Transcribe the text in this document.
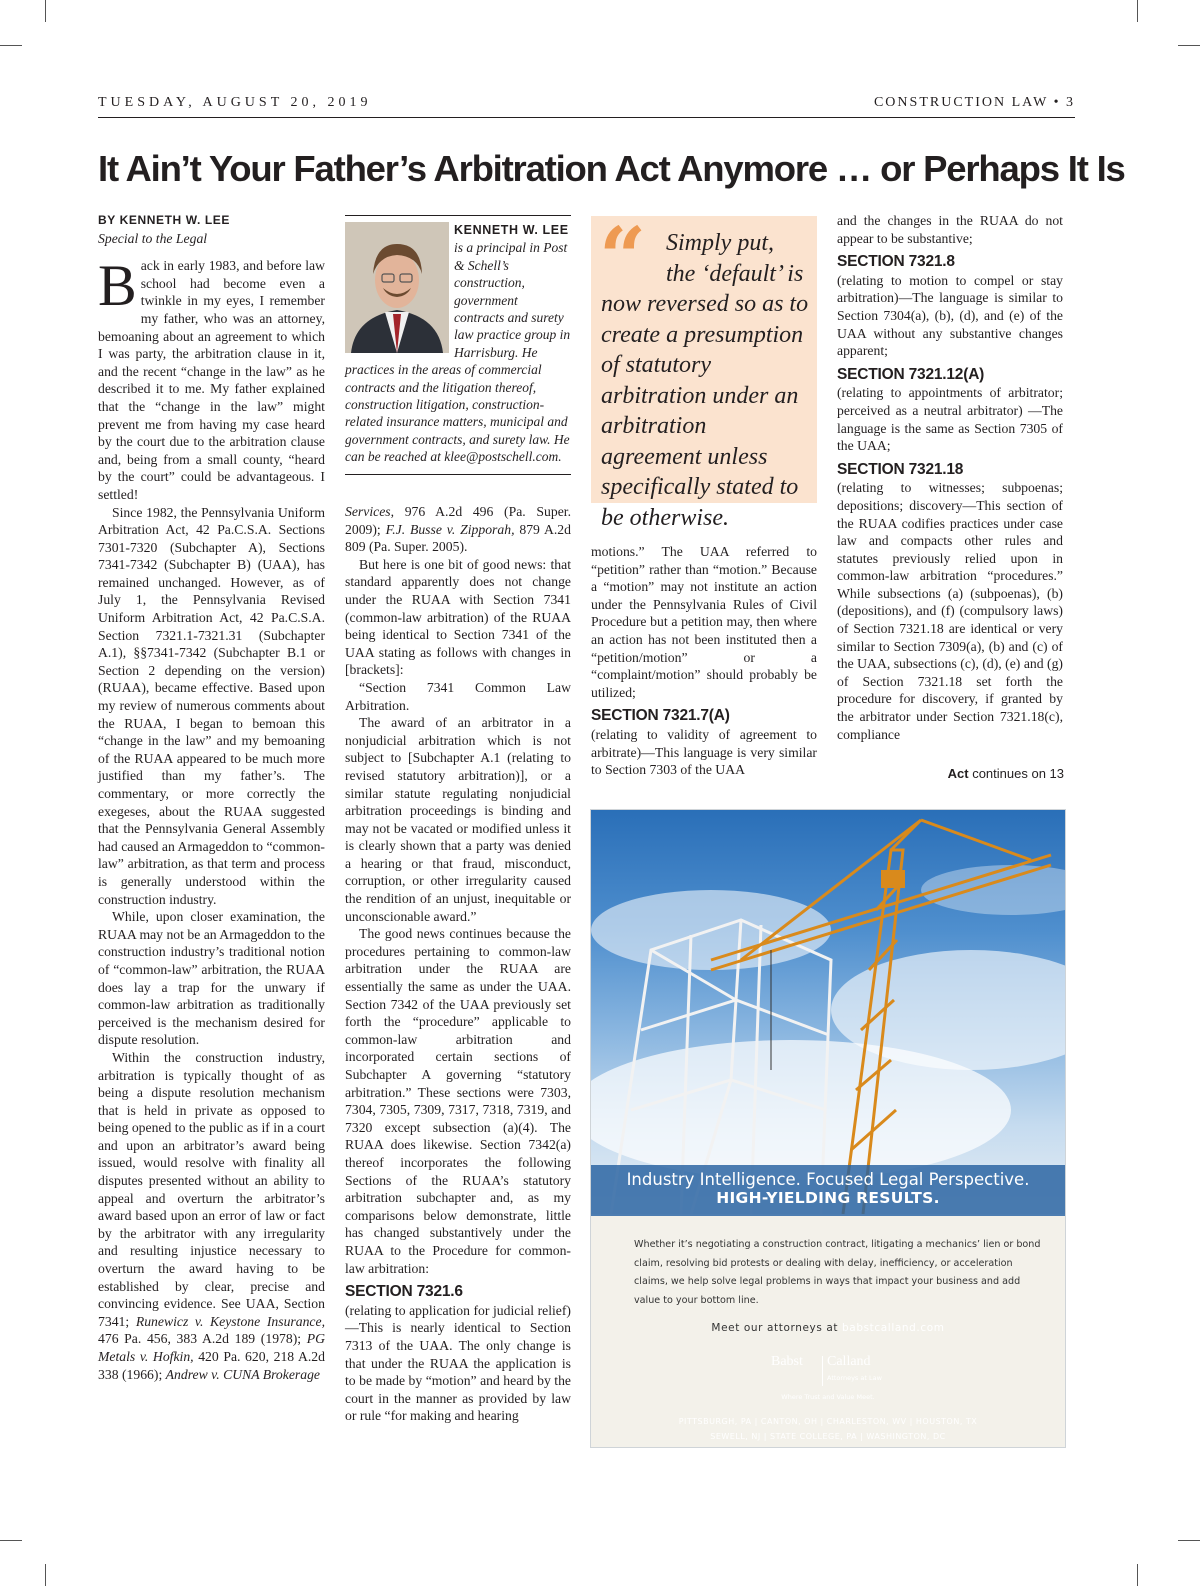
TUESDAY, AUGUST 20, 2019	CONSTRUCTION LAW • 3
It Ain’t Your Father’s Arbitration Act Anymore … or Perhaps It Is
BY KENNETH W. LEE
Special to the Legal

Back in early 1983, and before law school had become even a twinkle in my eyes, I remember my father, who was an attorney, bemoaning about an agreement to which I was party, the arbitration clause in it, and the recent “change in the law” as he described it to me. My father explained that the “change in the law” might prevent me from having my case heard by the court due to the arbitration clause and, being from a small county, “heard by the court” could be advantageous. I settled!

Since 1982, the Pennsylvania Uniform Arbitration Act, 42 Pa.C.S.A. Sections 7301-7320 (Subchapter A), Sections 7341-7342 (Subchapter B) (UAA), has remained unchanged. However, as of July 1, the Pennsylvania Revised Uniform Arbitration Act, 42 Pa.C.S.A. Section 7321.1-7321.31 (Subchapter A.1), §§7341-7342 (Subchapter B.1 or Section 2 depending on the version) (RUAA), became effective. Based upon my review of numerous comments about the RUAA, I began to bemoan this “change in the law” and my bemoaning of the RUAA appeared to be much more justified than my father’s. The commentary, or more correctly the exegeses, about the RUAA suggested that the Pennsylvania General Assembly had caused an Armageddon to “common-law” arbitration, as that term and process is generally understood within the construction industry.

While, upon closer examination, the RUAA may not be an Armageddon to the construction industry’s traditional notion of “common-law” arbitration, the RUAA does lay a trap for the unwary if common-law arbitration as traditionally perceived is the mechanism desired for dispute resolution.

Within the construction industry, arbitration is typically thought of as being a dispute resolution mechanism that is held in private as opposed to being opened to the public as if in a court and upon an arbitrator’s award being issued, would resolve with finality all disputes presented without an ability to appeal and overturn the arbitrator’s award based upon an error of law or fact by the arbitrator with any irregularity and resulting injustice necessary to overturn the award having to be established by clear, precise and convincing evidence. See UAA, Section 7341; Runewicz v. Keystone Insurance, 476 Pa. 456, 383 A.2d 189 (1978); PG Metals v. Hofkin, 420 Pa. 620, 218 A.2d 338 (1966); Andrew v. CUNA Brokerage

KENNETH W. LEE
is a principal in Post & Schell’s construction, government contracts and surety law practice group in Harrisburg. He practices in the areas of commercial contracts and the litigation thereof, construction litigation, construction-related insurance matters, municipal and government contracts, and surety law. He can be reached at klee@postschell.com.

Services, 976 A.2d 496 (Pa. Super. 2009); F.J. Busse v. Zipporah, 879 A.2d 809 (Pa. Super. 2005).

But here is one bit of good news: that standard apparently does not change under the RUAA with Section 7341 (common-law arbitration) of the RUAA being identical to Section 7341 of the UAA stating as follows with changes in [brackets]:

“Section 7341 Common Law Arbitration.

The award of an arbitrator in a nonjudicial arbitration which is not subject to [Subchapter A.1 (relating to revised statutory arbitration)], or a similar statute regulating nonjudicial arbitration proceedings is binding and may not be vacated or modified unless it is clearly shown that a party was denied a hearing or that fraud, misconduct, corruption, or other irregularity caused the rendition of an unjust, inequitable or unconscionable award.”

The good news continues because the procedures pertaining to common-law arbitration under the RUAA are essentially the same as under the UAA. Section 7342 of the UAA previously set forth the “procedure” applicable to common-law arbitration and incorporated certain sections of Subchapter A governing “statutory arbitration.” These sections were 7303, 7304, 7305, 7309, 7317, 7318, 7319, and 7320 except subsection (a)(4). The RUAA does likewise. Section 7342(a) thereof incorporates the following Sections of the RUAA’s statutory arbitration subchapter and, as my comparisons below demonstrate, little has changed substantively under the RUAA to the Procedure for common-law arbitration:

SECTION 7321.6

(relating to application for judicial relief)—This is nearly identical to Section 7313 of the UAA. The only change is that under the RUAA the application is to be made by “motion” and heard by the court in the manner as provided by law or rule “for making and hearing

“ Simply put,
the ‘default’ is
now reversed so as to create a presumption of statutory arbitration under an arbitration agreement unless specifically stated to be otherwise.

motions.” The UAA referred to “petition” rather than “motion.” Because a “motion” may not institute an action under the Pennsylvania Rules of Civil Procedure but a petition may, then where an action has not been instituted then a “petition/motion” or a “complaint/motion” should probably be utilized;

SECTION 7321.7(A)

(relating to validity of agreement to arbitrate)—This language is very similar to Section 7303 of the UAA

and the changes in the RUAA do not appear to be substantive;

SECTION 7321.8

(relating to motion to compel or stay arbitration)—The language is similar to Section 7304(a), (b), (d), and (e) of the UAA without any substantive changes apparent;

SECTION 7321.12(A)

(relating to appointments of arbitrator; perceived as a neutral arbitrator) —The language is the same as Section 7305 of the UAA;

SECTION 7321.18

(relating to witnesses; subpoenas; depositions; discovery—This section of the RUAA codifies practices under case law and compacts other rules and statutes previously relied upon in common-law arbitration “procedures.” While subsections (a) (subpoenas), (b) (depositions), and (f) (compulsory laws) of Section 7321.18 are identical or very similar to Section 7309(a), (b) and (c) of the UAA, subsections (c), (d), (e) and (g) of Section 7321.18 set forth the procedure for discovery, if granted by the arbitrator under Section 7321.18(c), compliance

Act continues on 13
Industry Intelligence. Focused Legal Perspective.
HIGH-YIELDING RESULTS.
Whether it’s negotiating a construction contract, litigating a mechanics’ lien or bond claim, resolving bid protests or dealing with delay, inefficiency, or acceleration claims, we help solve legal problems in ways that impact your business and add value to your bottom line.
Meet our attorneys at babstcalland.com
Babst Calland
Attorneys at Law
Where Trust and Value Meet.
PITTSBURGH, PA | CANTON, OH | CHARLESTON, WV | HOUSTON, TX
SEWELL, NJ | STATE COLLEGE, PA | WASHINGTON, DC
